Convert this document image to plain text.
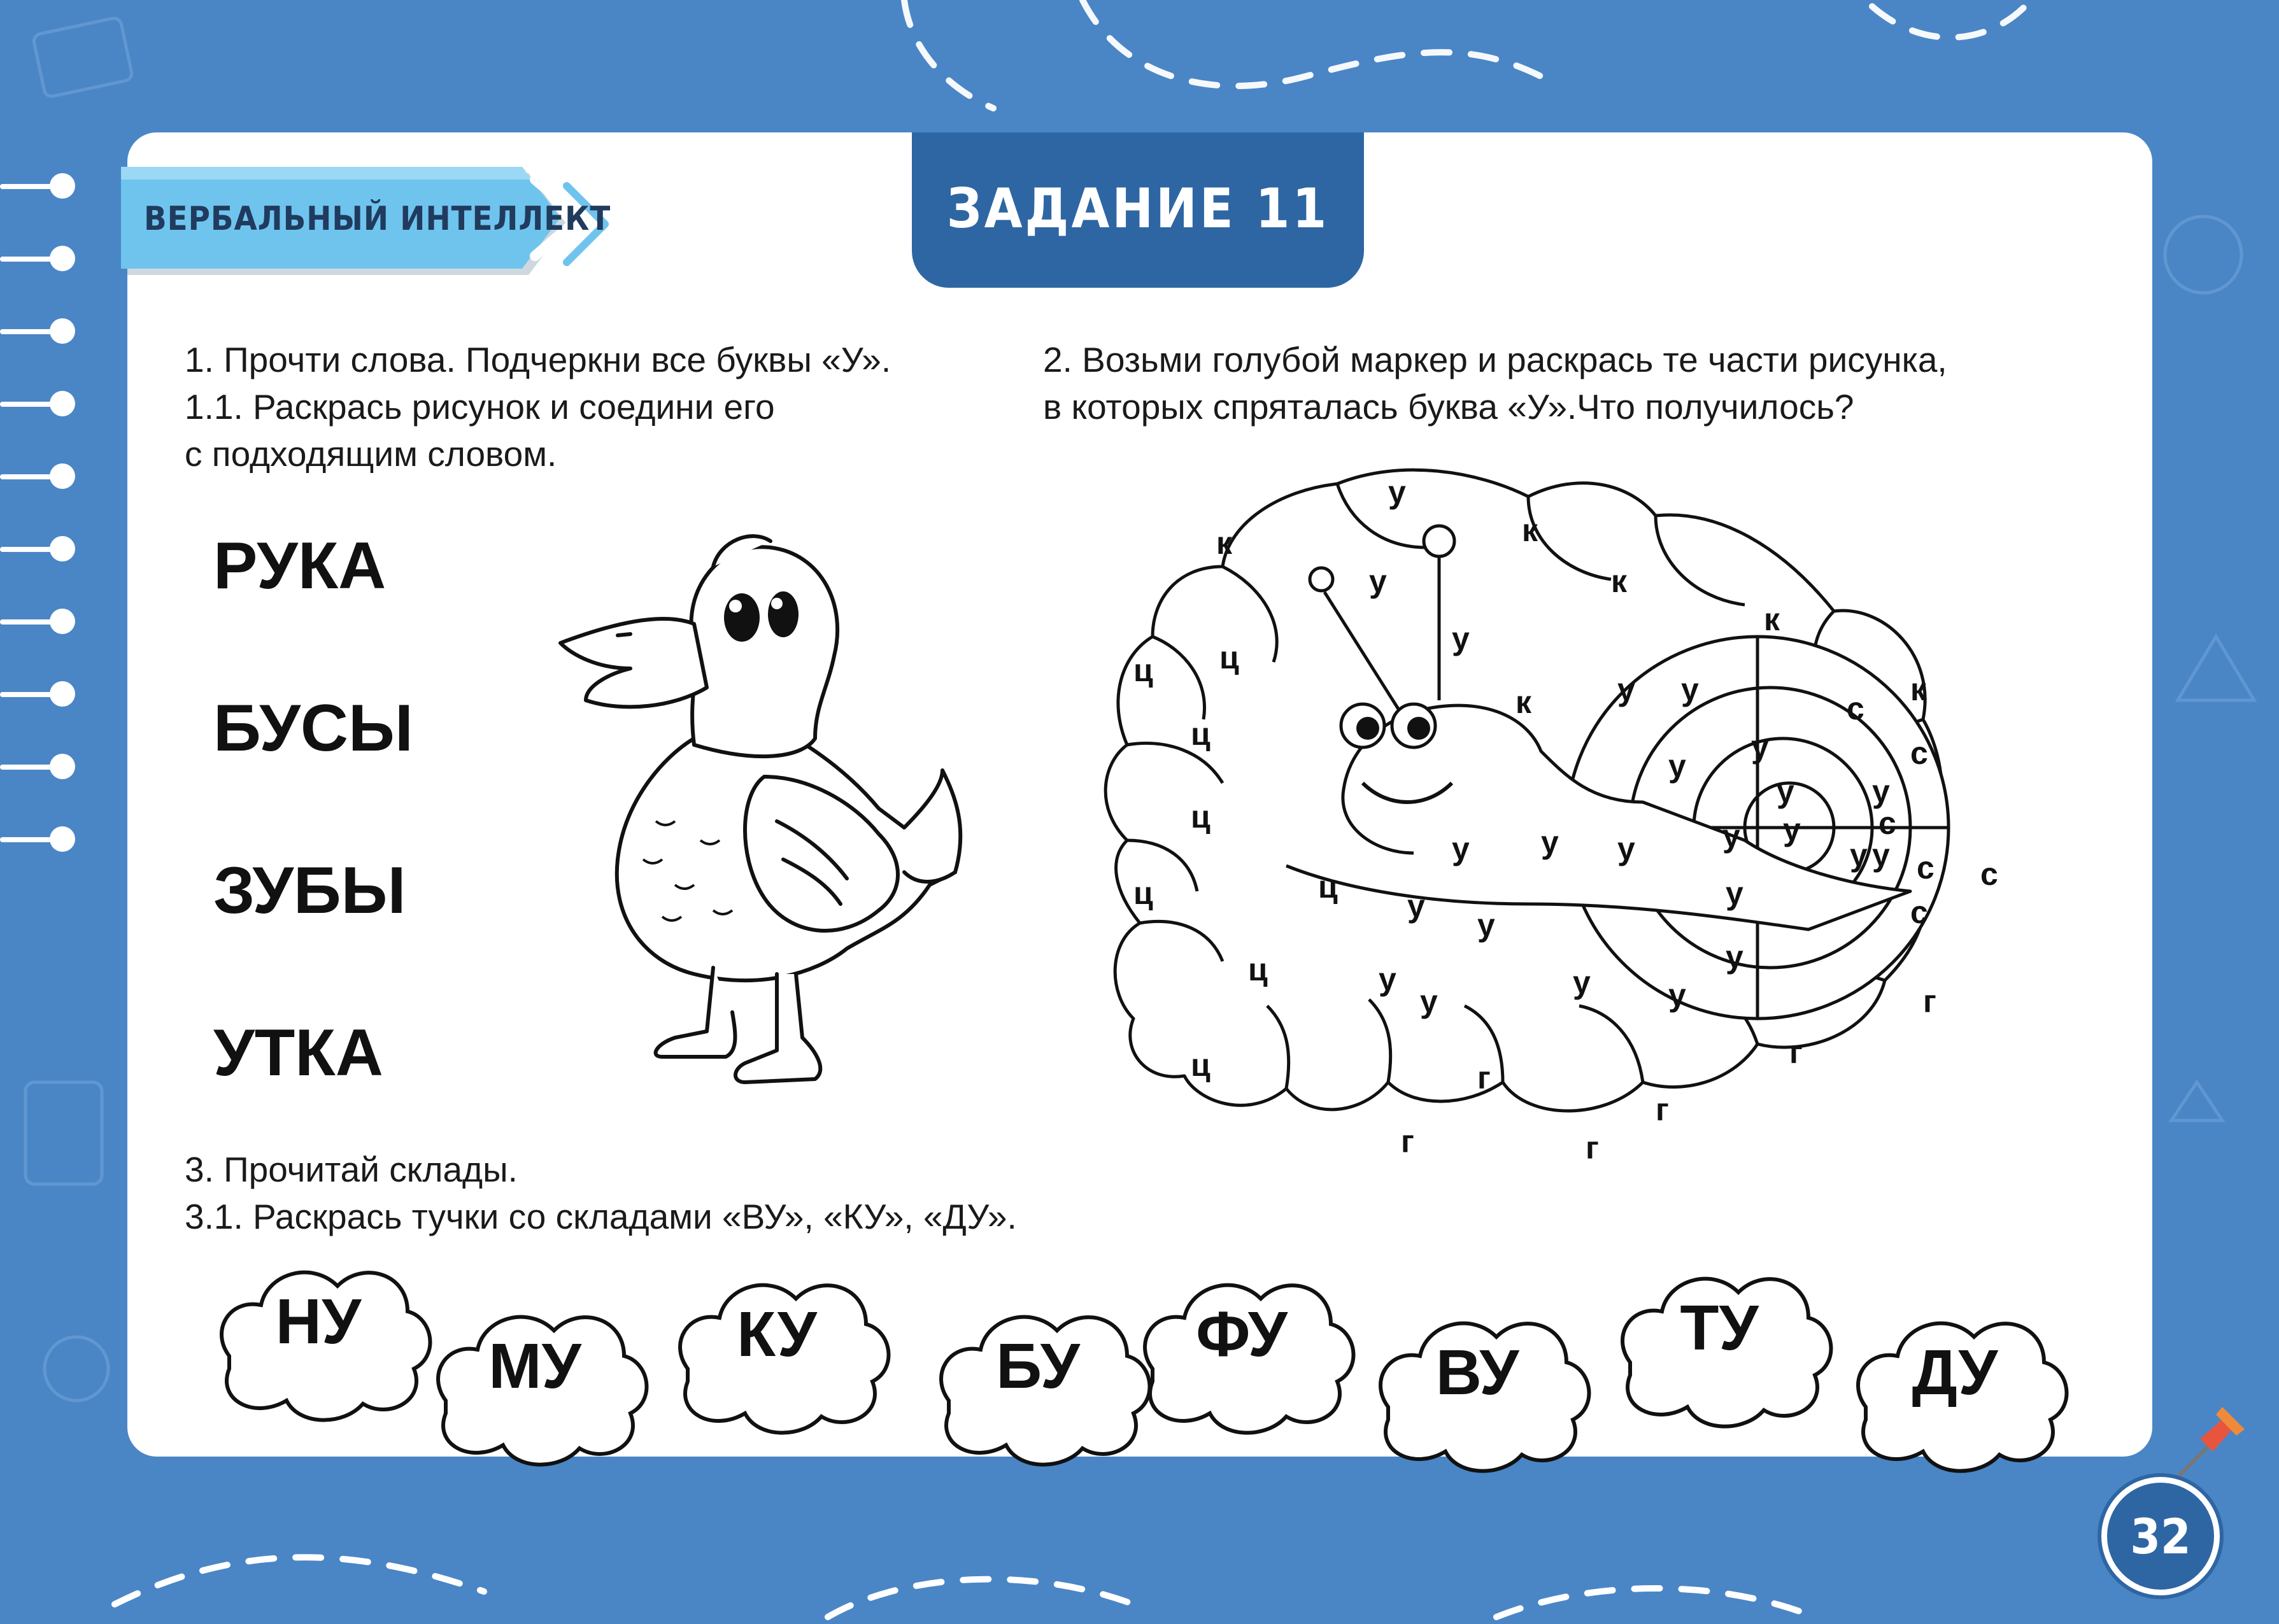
ВЕРБАЛЬНЫЙ ИНТЕЛЛЕКТ	ЗАДАНИЕ 11
1. Прочти слова. Подчеркни все буквы «У».
1.1. Раскрась рисунок и соедини его
с подходящим словом.
2. Возьми голубой маркер и раскрась те части рисунка,
в которых спряталась буква «У».Что получилось?
РУКА
БУСЫ
ЗУБЫ
УТКА
у
к	к
у	к
к
у
ц ц
к	у у
с
к
ц	у
у	с
у у
с
ц	у
у
у у с с
у у у
ц
ц	у
с
у
у
у
ц	у
у
у у	г
ц	г
г
г
г	г
3. Прочитай склады.
3.1. Раскрась тучки со складами «ВУ», «КУ», «ДУ».
НУ
МУ КУ	БУ ФУ
ВУ
ТУ
ДУ
32
